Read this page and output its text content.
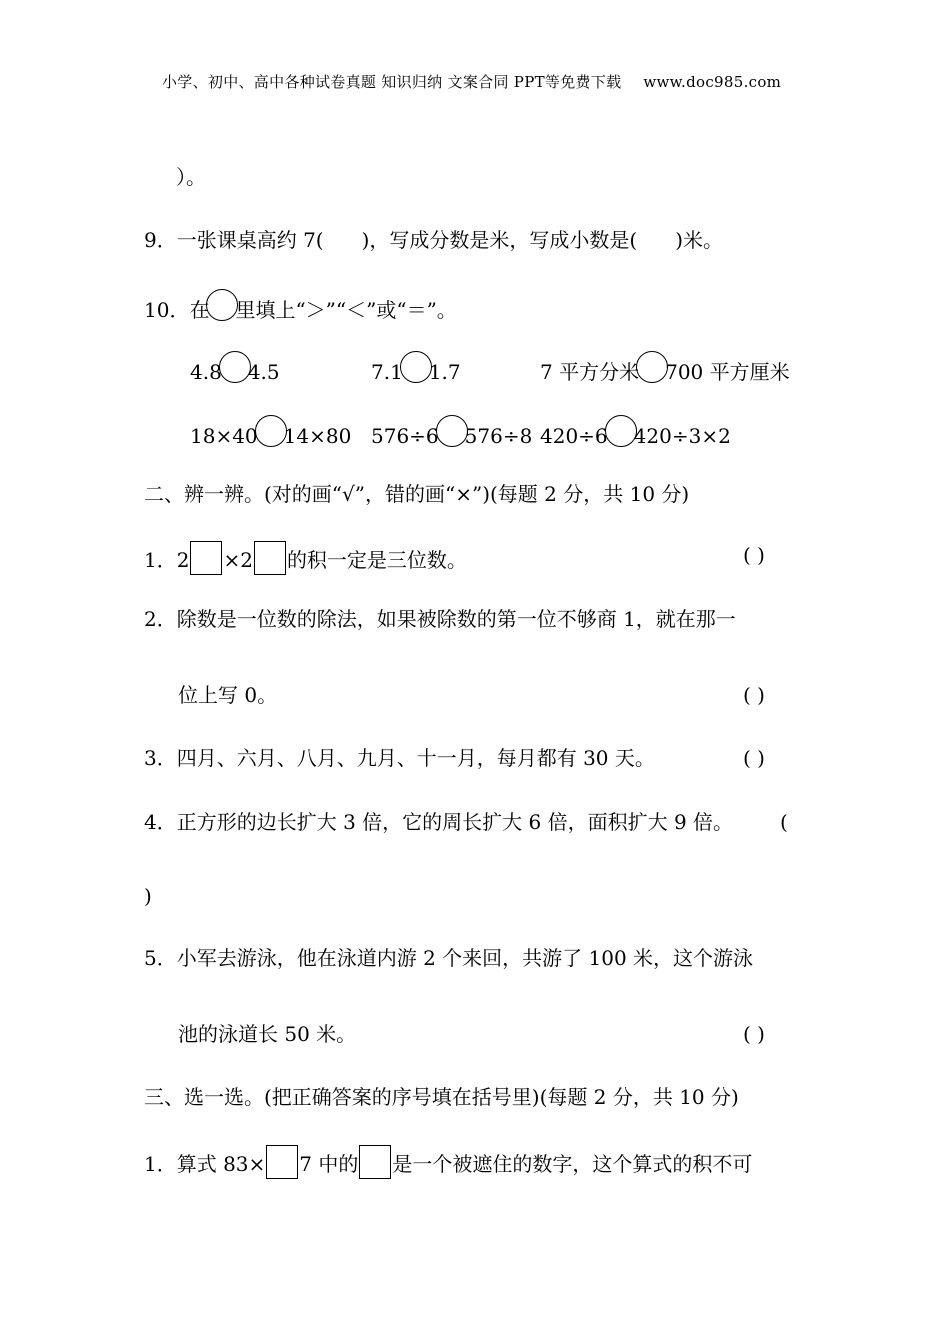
小学、初中、高中各种试卷真题 知识归纳 文案合同 PPT等免费下载 www.doc985.com
）。
9．一张课桌高约 7( )，写成分数是米，写成小数是( )米。
10．在 里填上“＞”“＜”或“＝”。
4.8 4.5	7.1 1.7	7 平方分米 700 平方厘米
18×40 14×80 576÷6 576÷8 420÷6 420÷3×2
二、辨一辨。(对的画“√”，错的画“×”)(每题 2 分，共 10 分)
1．2 ×2 的积一定是三位数。	( )
2．除数是一位数的除法，如果被除数的第一位不够商 1，就在那一
位上写 0。	( )
3．四月、六月、八月、九月、十一月，每月都有 30 天。	( )
4．正方形的边长扩大 3 倍，它的周长扩大 6 倍，面积扩大 9 倍。 (
)
5．小军去游泳，他在泳道内游 2 个来回，共游了 100 米，这个游泳
池的泳道长 50 米。	( )
三、选一选。(把正确答案的序号填在括号里)(每题 2 分，共 10 分)
1．算式 83× 7 中的 是一个被遮住的数字，这个算式的积不可
